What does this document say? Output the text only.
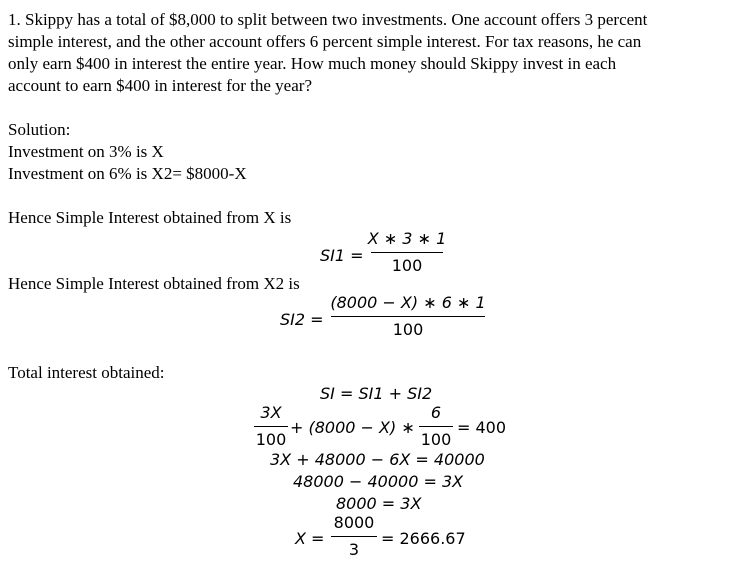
1. Skippy has a total of $8,000 to split between two investments. One account offers 3 percent
simple interest, and the other account offers 6 percent simple interest. For tax reasons, he can
only earn $400 in interest the entire year. How much money should Skippy invest in each
account to earn $400 in interest for the year?
Solution:
Investment on 3% is X
Investment on 6% is X2= $8000-X
Hence Simple Interest obtained from X is
SI1 =
X ∗ 3 ∗ 1
100
Hence Simple Interest obtained from X2 is
SI2 =
(8000 − X) ∗ 6 ∗ 1
100
Total interest obtained:
SI = SI1 + SI2
3X
100
+ (8000 − X) ∗
6
100
= 400
3X + 48000 − 6X = 40000
48000 − 40000 = 3X
8000 = 3X
X =
8000
3
= 2666.67
